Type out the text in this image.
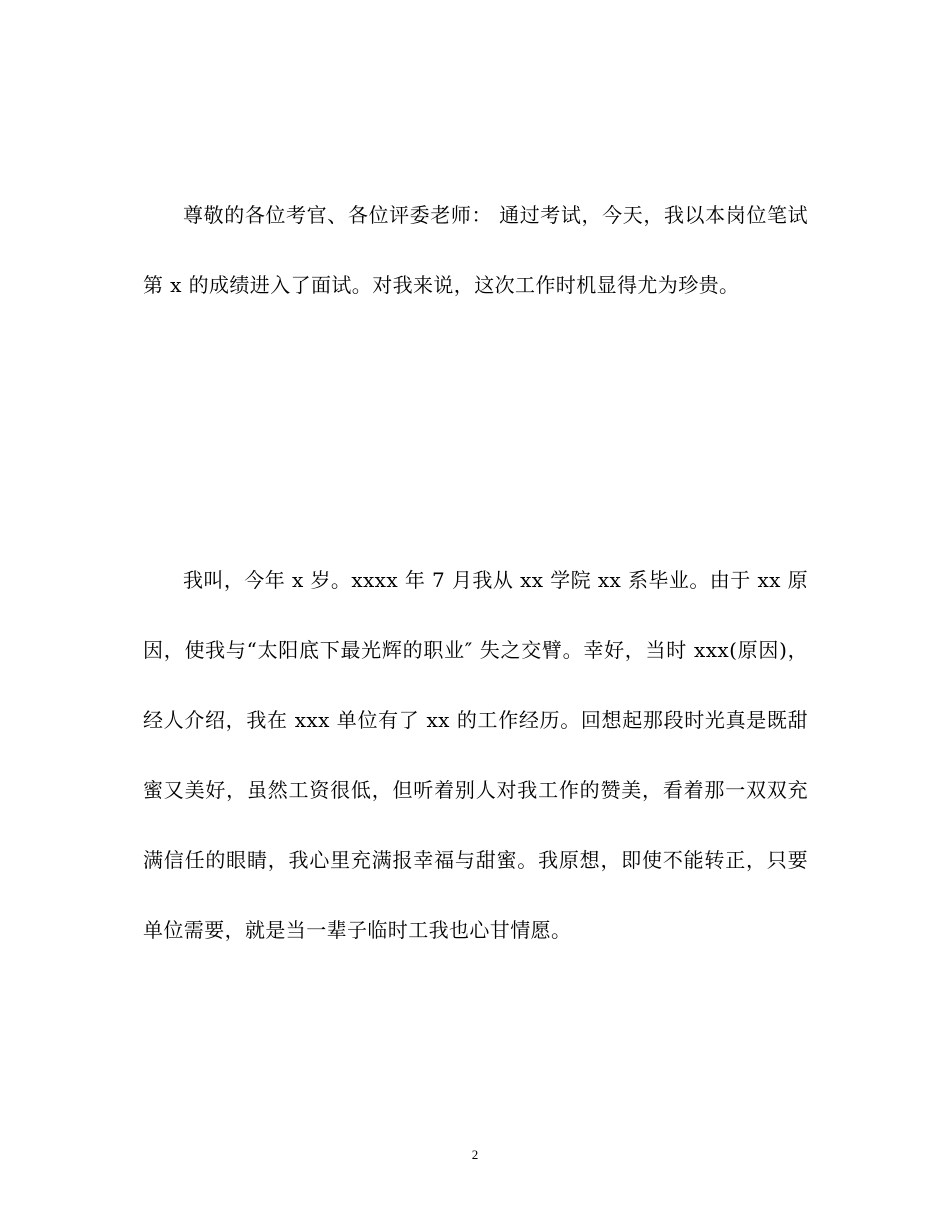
尊敬的各位考官、各位评委老师： 通过考试，今天，我以本岗位笔试第 x 的成绩进入了面试。对我来说，这次工作时机显得尤为珍贵。

我叫，今年 x 岁。xxxx 年 7 月我从 xx 学院 xx 系毕业。由于 xx 原因，使我与“太阳底下最光辉的职业″ 失之交臂。幸好，当时 xxx(原因)，经人介绍，我在 xxx 单位有了 xx 的工作经历。回想起那段时光真是既甜蜜又美好，虽然工资很低，但听着别人对我工作的赞美，看着那一双双充满信任的眼睛，我心里充满报幸福与甜蜜。我原想，即使不能转正，只要单位需要，就是当一辈子临时工我也心甘情愿。

2
